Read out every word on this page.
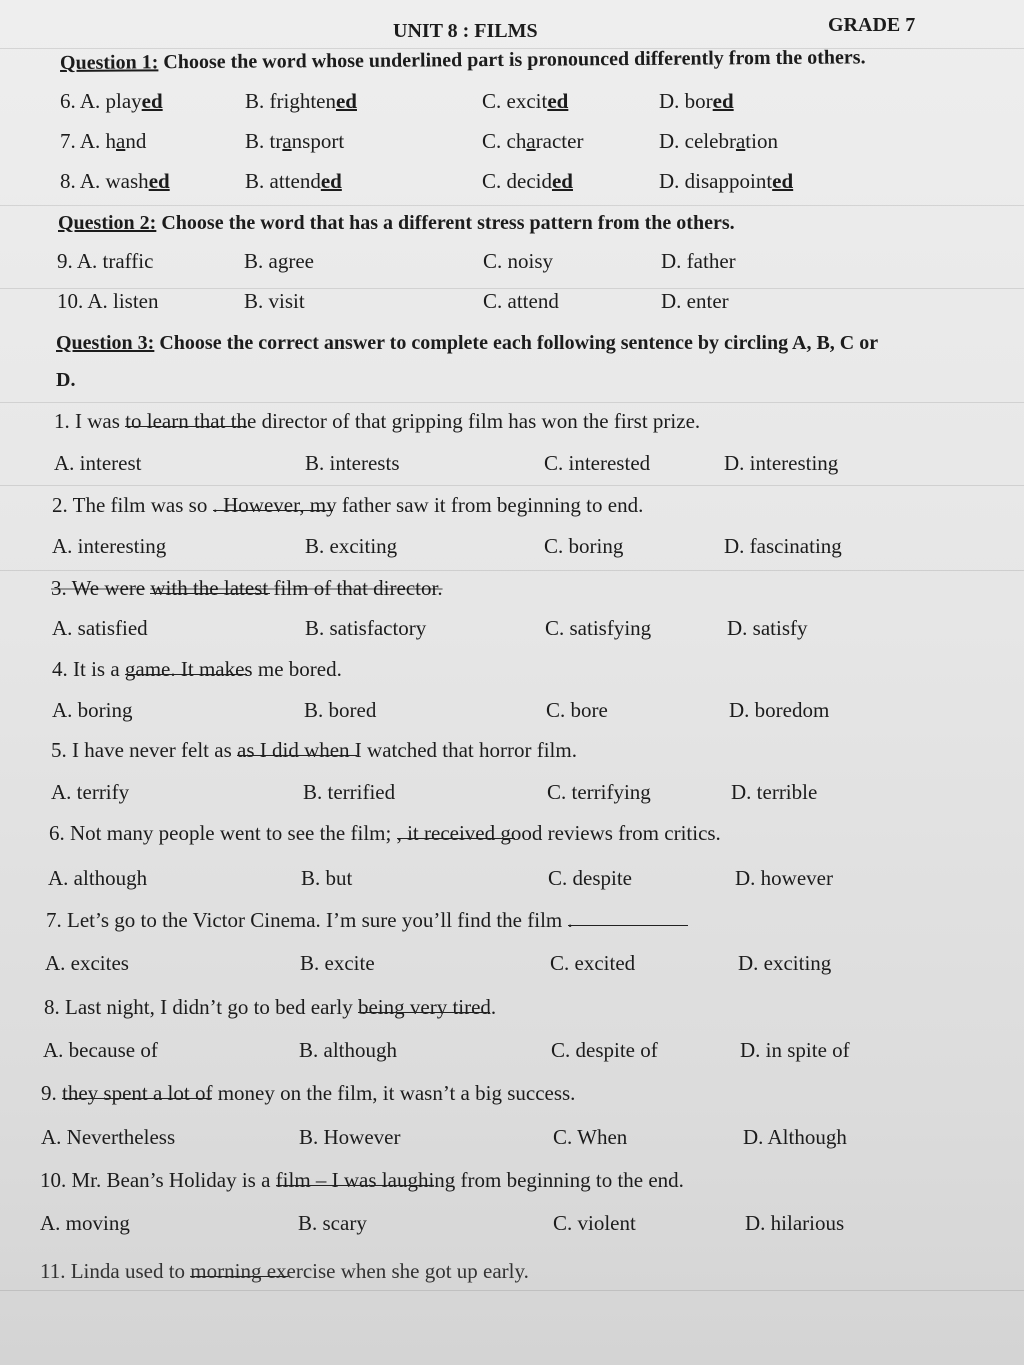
UNIT 8 : FILMS	GRADE 7
Question 1: Choose the word whose underlined part is pronounced differently from the others.
6. A. played	B. frightened	C. excited	D. bored
7. A. hand	B. transport	C. character	D. celebration
8. A. washed	B. attended	C. decided	D. disappointed
Question 2: Choose the word that has a different stress pattern from the others.
9. A. traffic	B. agree	C. noisy	D. father
10. A. listen	B. visit	C. attend	D. enter
Question 3: Choose the correct answer to complete each following sentence by circling A, B, C or
D.
1. I was to learn that the director of that gripping film has won the first prize.
A. interest	B. interests	C. interested	D. interesting
2. The film was so . However, my father saw it from beginning to end.
A. interesting	B. exciting	C. boring	D. fascinating
3. We were with the latest film of that director.
A. satisfied	B. satisfactory	C. satisfying	D. satisfy
4. It is a game. It makes me bored.
A. boring	B. bored	C. bore	D. boredom
5. I have never felt as as I did when I watched that horror film.
A. terrify	B. terrified	C. terrifying	D. terrible
6. Not many people went to see the film; , it received good reviews from critics.
A. although	B. but	C. despite	D. however
7. Let’s go to the Victor Cinema. I’m sure you’ll find the film .
A. excites	B. excite	C. excited	D. exciting
8. Last night, I didn’t go to bed early being very tired.
A. because of	B. although	C. despite of	D. in spite of
9. they spent a lot of money on the film, it wasn’t a big success.
A. Nevertheless	B. However	C. When	D. Although
10. Mr. Bean’s Holiday is a film – I was laughing from beginning to the end.
A. moving	B. scary	C. violent	D. hilarious
11. Linda used to morning exercise when she got up early.
